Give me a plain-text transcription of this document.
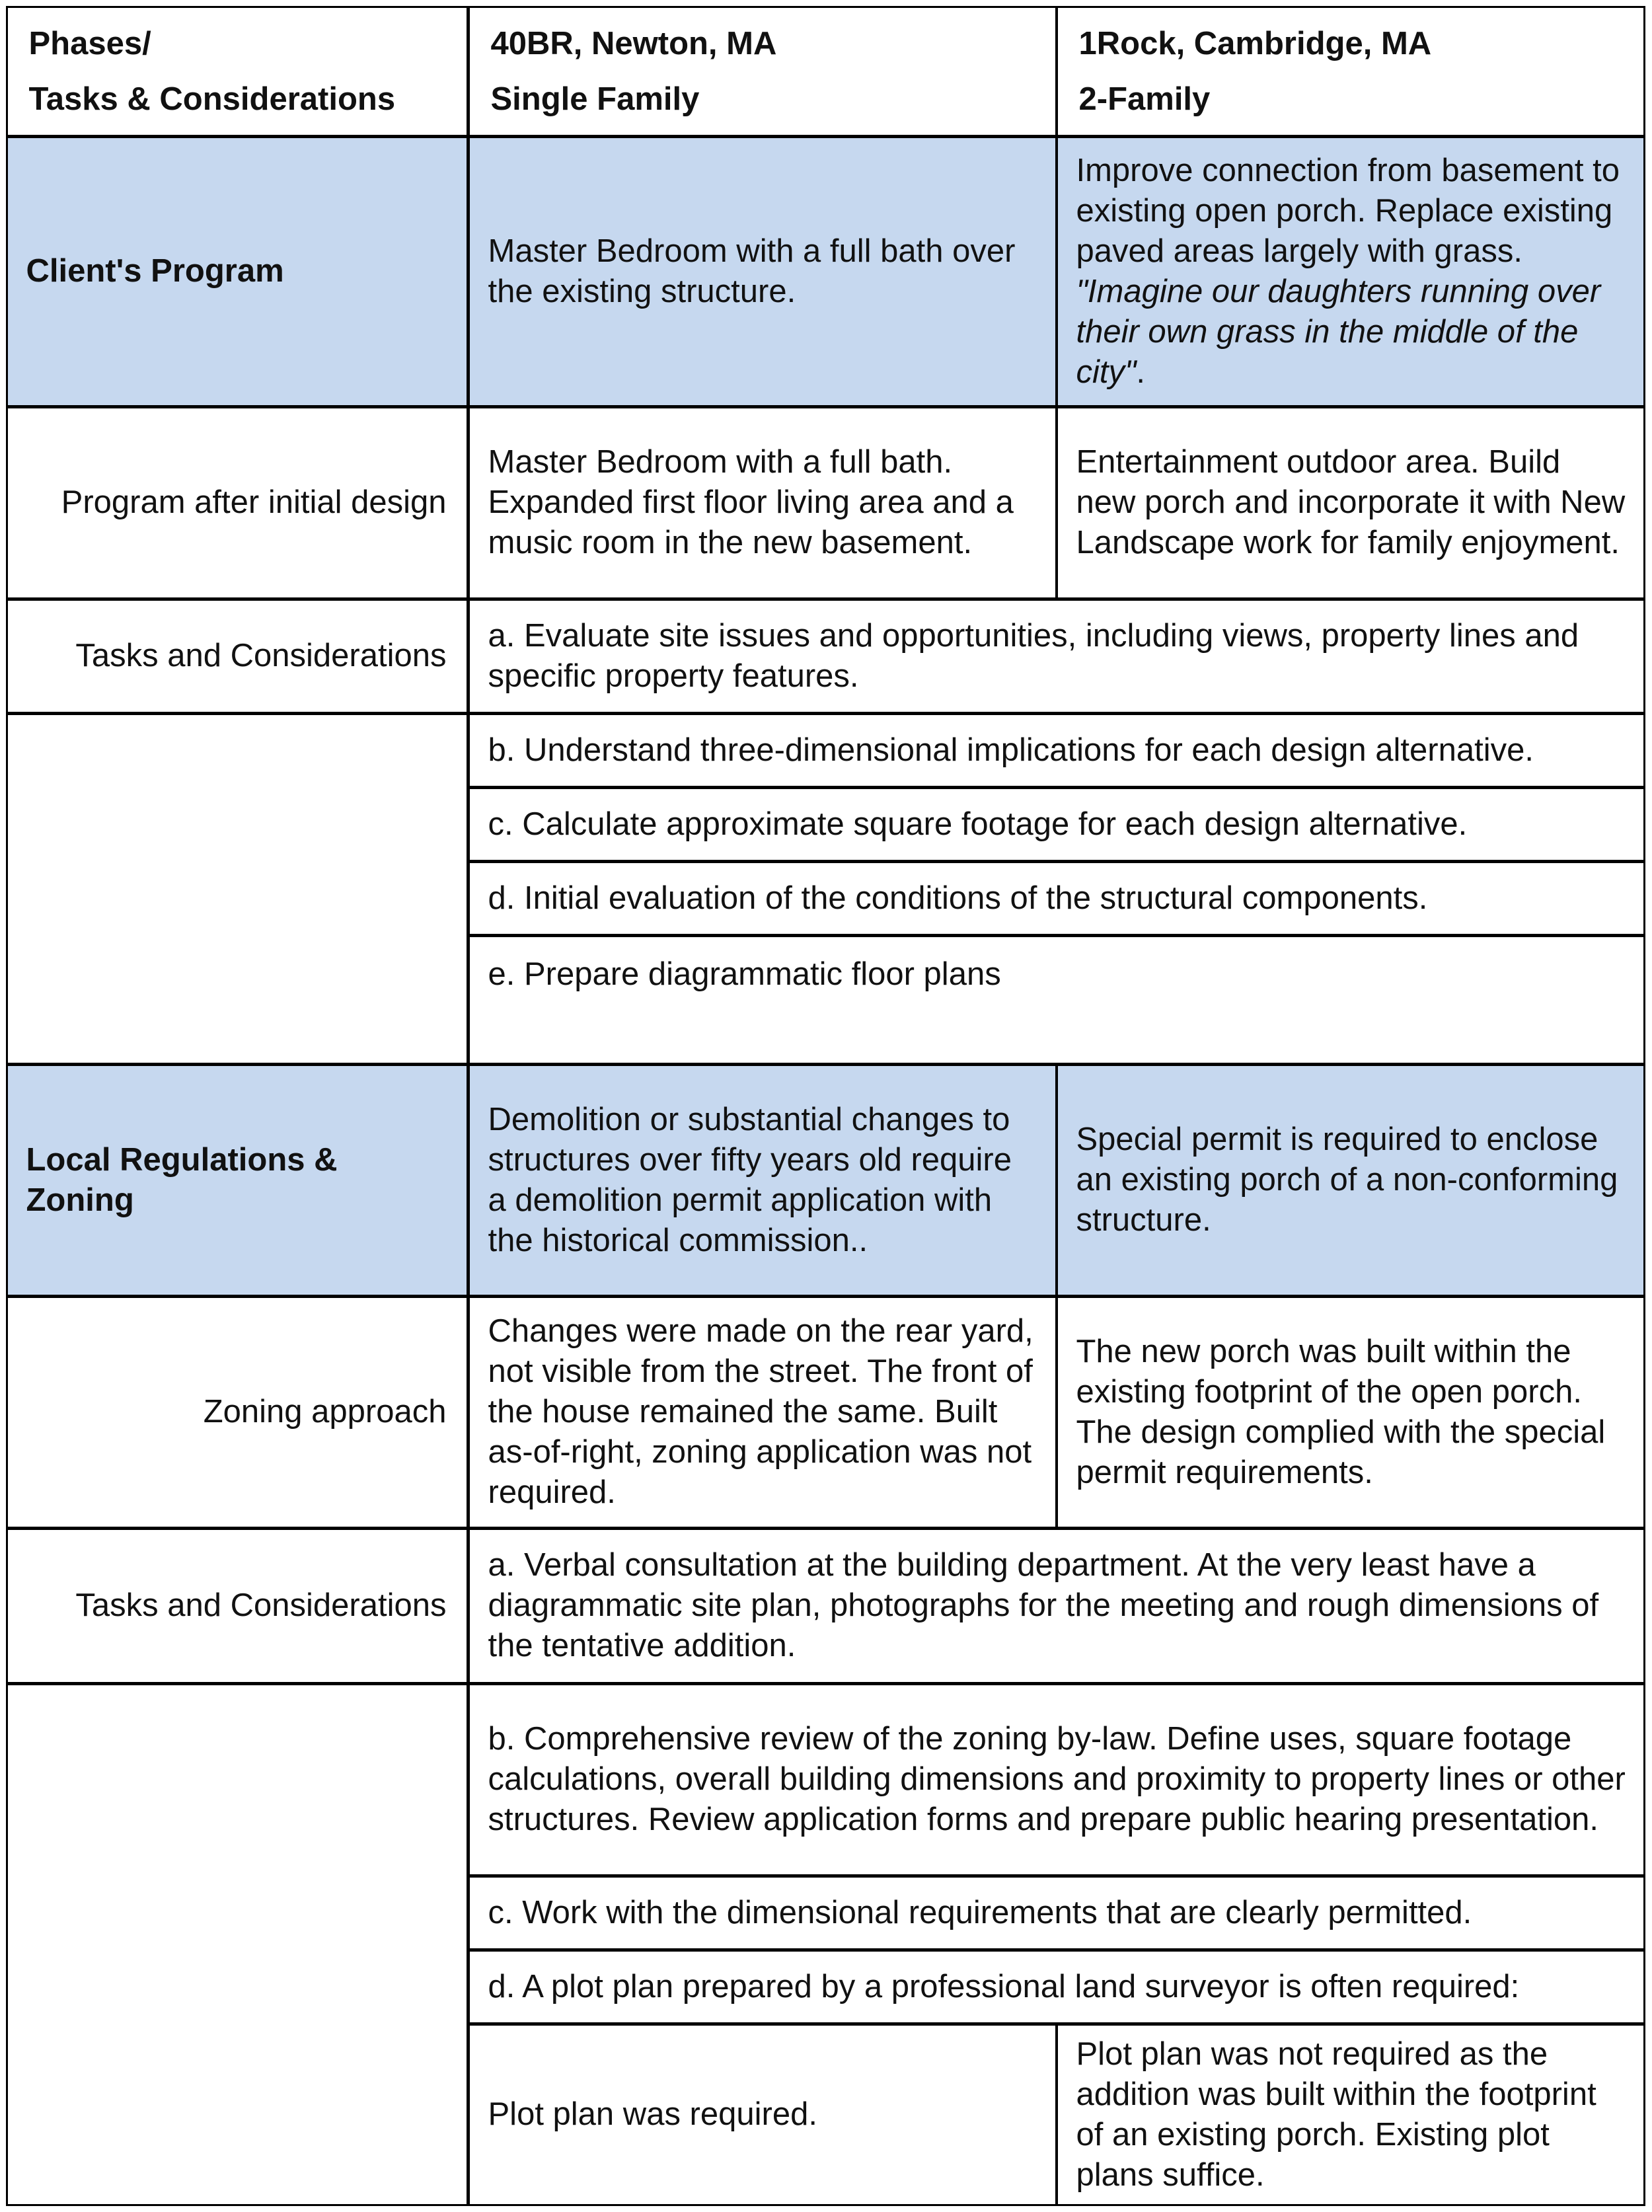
Phases/
Tasks & Considerations
40BR, Newton, MA
Single Family
1Rock, Cambridge, MA
2-Family
Client's Program
Master Bedroom with a full bath over the existing structure.
Improve connection from basement to existing open porch. Replace existing paved areas largely with grass. "Imagine our daughters running over their own grass in the middle of the city".
Program after initial design
Master Bedroom with a full bath. Expanded first floor living area and a music room in the new basement.
Entertainment outdoor area. Build new porch and incorporate it with New Landscape work for family enjoyment.
Tasks and Considerations
a. Evaluate site issues and opportunities, including views, property lines and specific property features.
b. Understand three-dimensional implications for each design alternative.
c. Calculate approximate square footage for each design alternative.
d. Initial evaluation of the conditions of the structural components.
e. Prepare diagrammatic floor plans
Local Regulations & Zoning
Demolition or substantial changes to structures over fifty years old require a demolition permit application with the historical commission..
Special permit is required to enclose an existing porch of a non-conforming structure.
Zoning approach
Changes were made on the rear yard, not visible from the street. The front of the house remained the same. Built as-of-right, zoning application was not required.
The new porch was built within the existing footprint of the open porch. The design complied with the special permit requirements.
Tasks and Considerations
a. Verbal consultation at the building department. At the very least have a diagrammatic site plan, photographs for the meeting and rough dimensions of the tentative addition.
b. Comprehensive review of the zoning by-law. Define uses, square footage calculations, overall building dimensions and proximity to property lines or other structures. Review application forms and prepare public hearing presentation.
c. Work with the dimensional requirements that are clearly permitted.
d. A plot plan prepared by a professional land surveyor is often required:
Plot plan was required.
Plot plan was not required as the addition was built within the footprint of an existing porch. Existing plot plans suffice.
